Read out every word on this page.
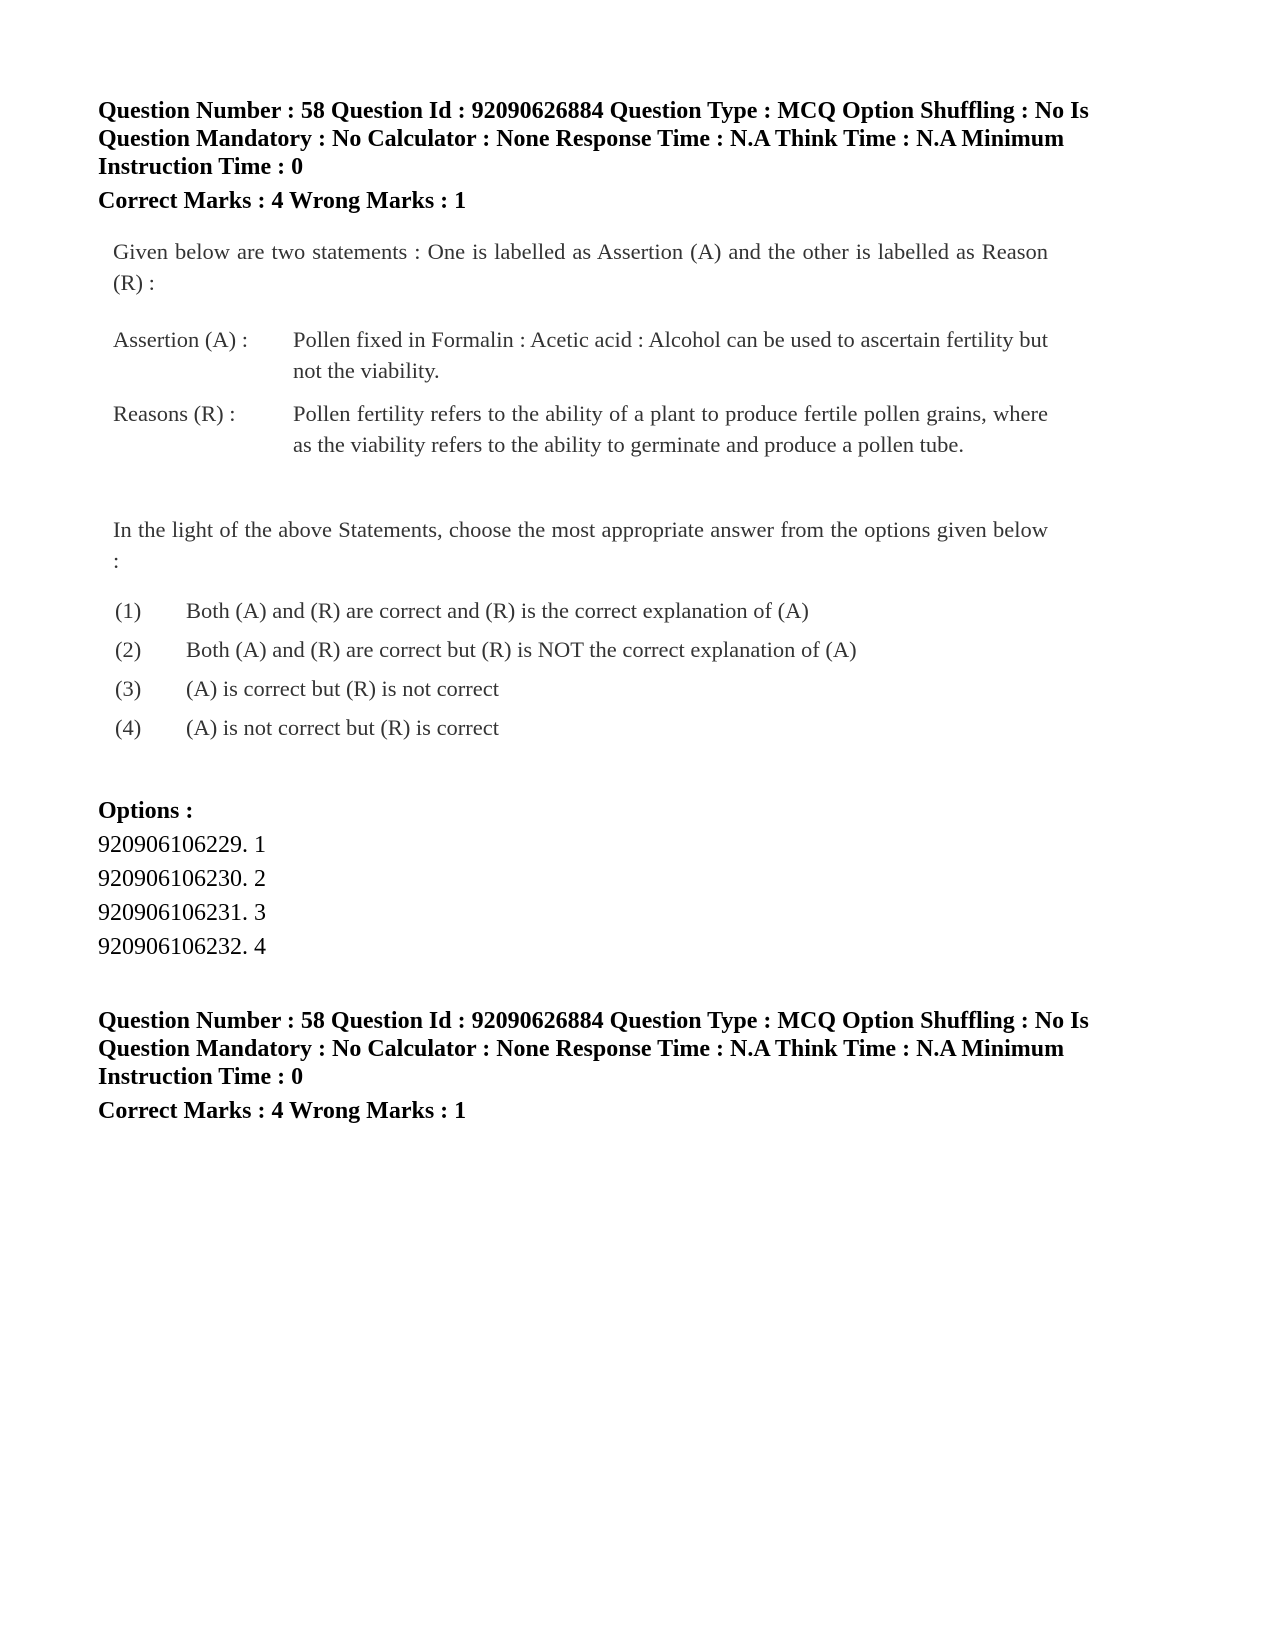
Question Number : 58 Question Id : 92090626884 Question Type : MCQ Option Shuffling : No Is
Question Mandatory : No Calculator : None Response Time : N.A Think Time : N.A Minimum
Instruction Time : 0
Correct Marks : 4 Wrong Marks : 1

Given below are two statements : One is labelled as Assertion (A) and the other is labelled as Reason (R) :

Assertion (A) : Pollen fixed in Formalin : Acetic acid : Alcohol can be used to ascertain fertility but not the viability.

Reasons (R) :	Pollen fertility refers to the ability of a plant to produce fertile pollen grains, where as the viability refers to the ability to germinate and produce a pollen tube.

In the light of the above Statements, choose the most appropriate answer from the options given below :

(1) Both (A) and (R) are correct and (R) is the correct explanation of (A)
(2) Both (A) and (R) are correct but (R) is NOT the correct explanation of (A)
(3) (A) is correct but (R) is not correct
(4) (A) is not correct but (R) is correct
Options :
920906106229. 1
920906106230. 2
920906106231. 3
920906106232. 4
Question Number : 58 Question Id : 92090626884 Question Type : MCQ Option Shuffling : No Is
Question Mandatory : No Calculator : None Response Time : N.A Think Time : N.A Minimum
Instruction Time : 0
Correct Marks : 4 Wrong Marks : 1
